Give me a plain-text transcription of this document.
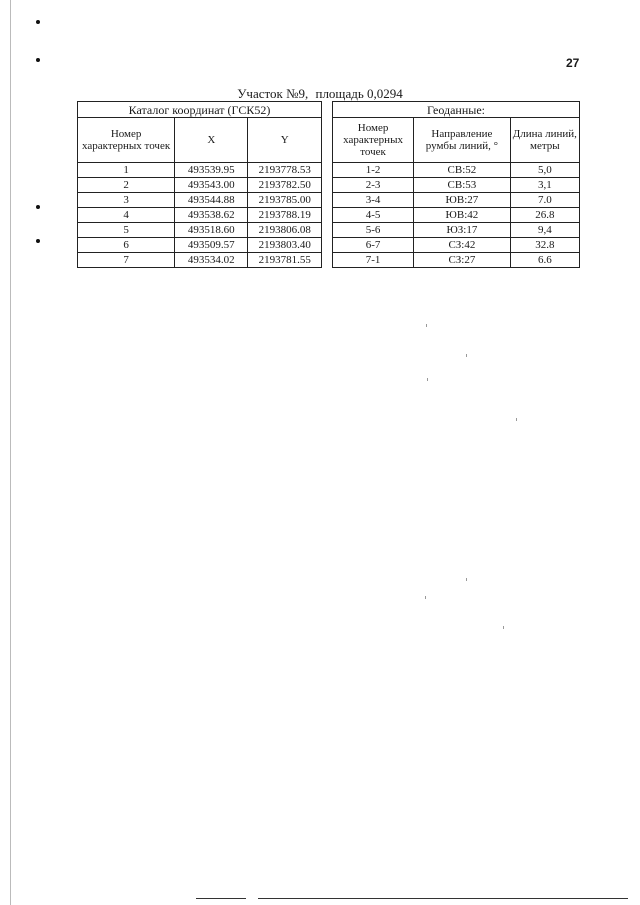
27
Участок №9, площадь 0,0294
Каталог координат (ГСК52)		
Номер характерных точек	X	Y
1	493539.95	2193778.53
2	493543.00	2193782.50
3	493544.88	2193785.00
4	493538.62	2193788.19
5	493518.60	2193806.08
6	493509.57	2193803.40
7	493534.02	2193781.55
Геоданные:		
Номер характерных точек	Направление румбы линий, °	Длина линий, метры
1-2	СВ:52	5,0
2-3	СВ:53	3,1
3-4	ЮВ:27	7.0
4-5	ЮВ:42	26.8
5-6	ЮЗ:17	9,4
6-7	СЗ:42	32.8
7-1	СЗ:27	6.6
